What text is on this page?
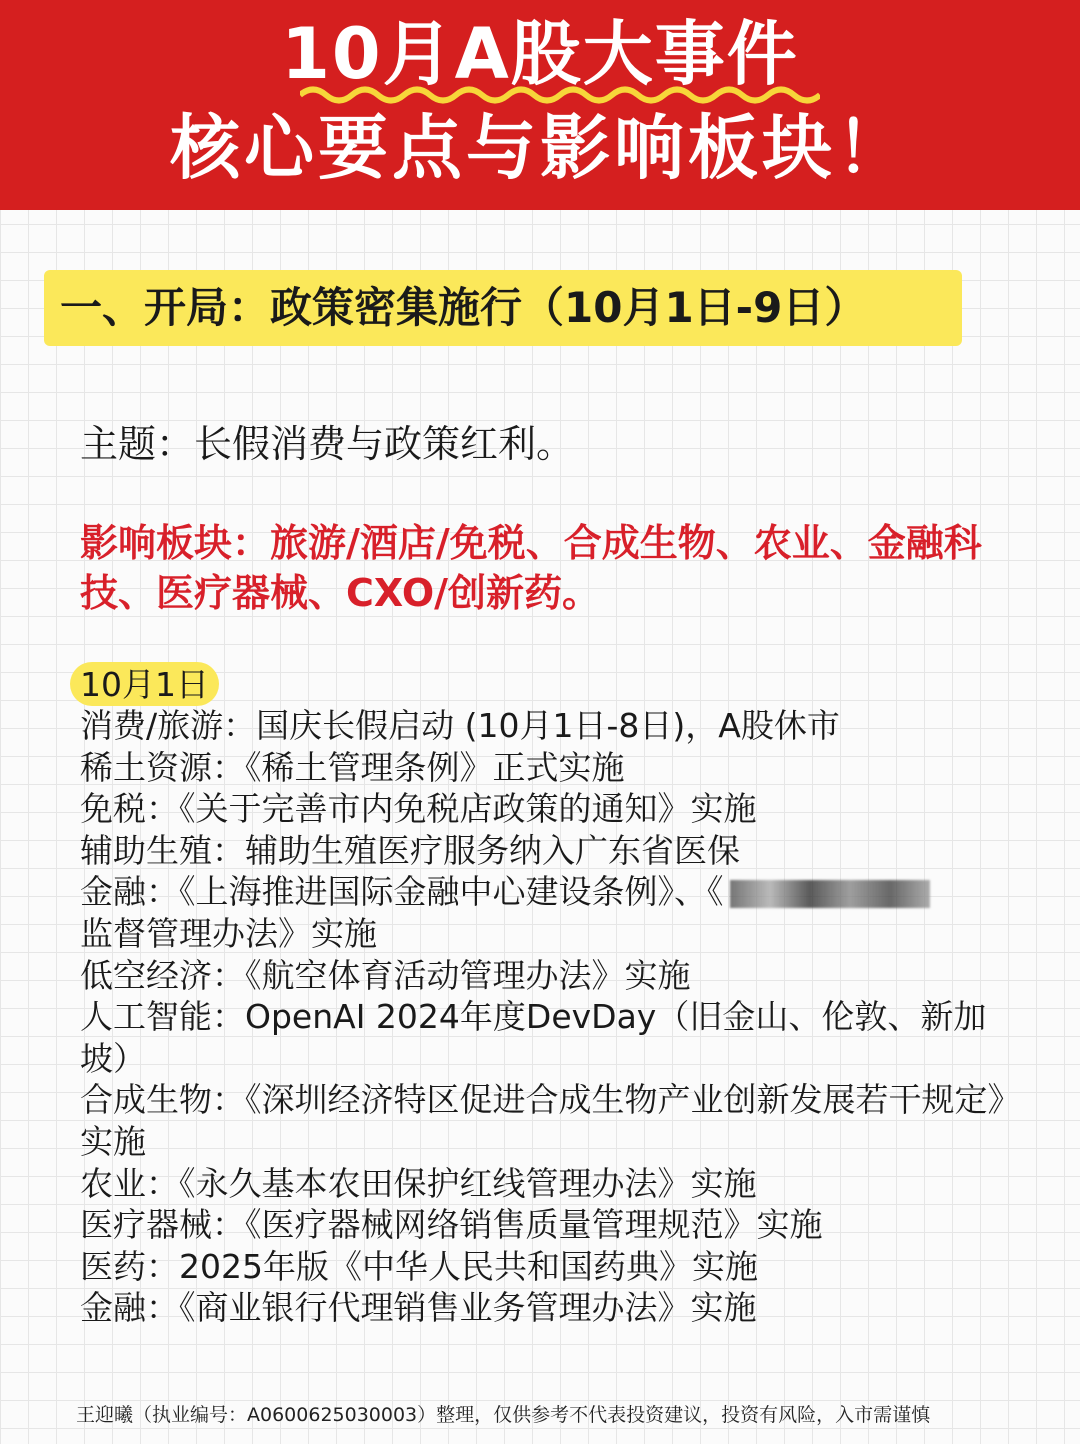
10月A股大事件
核心要点与影响板块！
一、开局：政策密集施行（10月1日-9日）
主题：长假消费与政策红利。
影响板块：旅游/酒店/免税、合成生物、农业、金融科技、医疗器械、CXO/创新药。
10月1日

消费/旅游：国庆长假启动 (10月1日-8日)，A股休市

稀土资源：《稀土管理条例》正式实施

免税：《关于完善市内免税店政策的通知》实施

辅助生殖：辅助生殖医疗服务纳入广东省医保

金融：《上海推进国际金融中心建设条例》、《

监督管理办法》实施

低空经济：《航空体育活动管理办法》实施

人工智能：OpenAI 2024年度DevDay（旧金山、伦敦、新加坡）

合成生物：《深圳经济特区促进合成生物产业创新发展若干规定》实施

农业：《永久基本农田保护红线管理办法》实施

医疗器械：《医疗器械网络销售质量管理规范》实施

医药：2025年版《中华人民共和国药典》实施

金融：《商业银行代理销售业务管理办法》实施

王迎曦（执业编号：A0600625030003）整理，仅供参考不代表投资建议，投资有风险，入市需谨慎
